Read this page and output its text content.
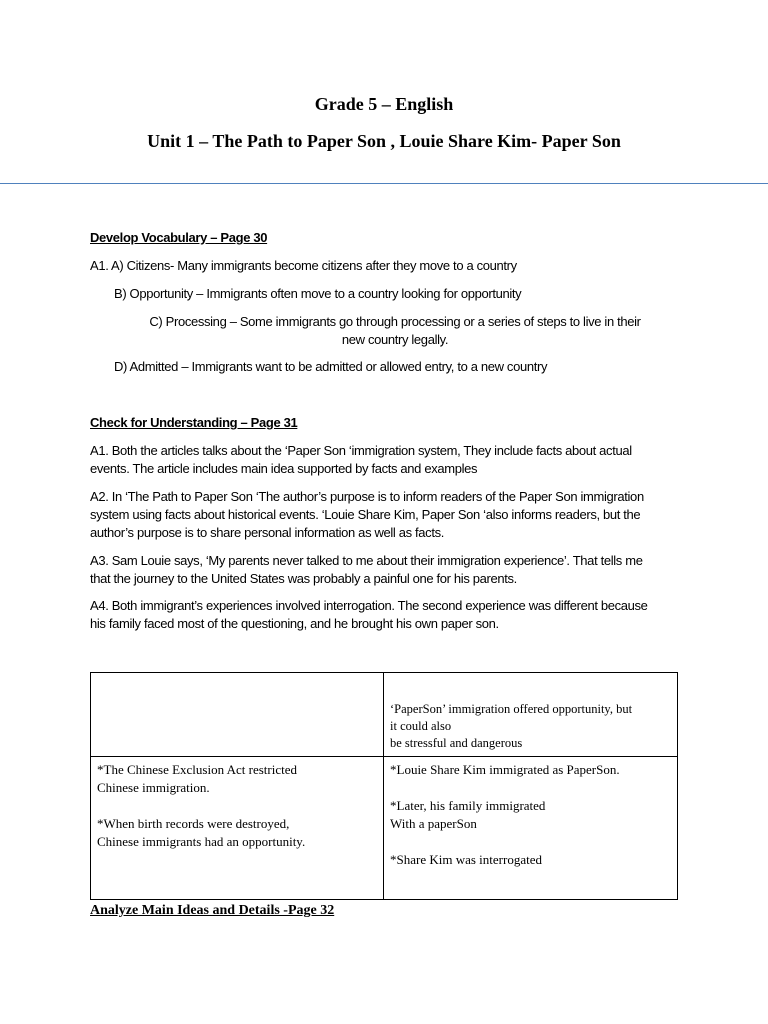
Grade 5 – English
Unit 1 – The Path to Paper Son , Louie Share Kim- Paper Son
Develop Vocabulary – Page 30
A1. A) Citizens- Many immigrants become citizens after they move to a country
B) Opportunity – Immigrants often move to a country looking for opportunity
C) Processing – Some immigrants go through processing or a series of steps to live in their
new country legally.
D) Admitted – Immigrants want to be admitted or allowed entry, to a new country
Check for Understanding – Page 31
A1. Both the articles talks about the ‘Paper Son ‘immigration system, They include facts about actual
events. The article includes main idea supported by facts and examples
A2. In ‘The Path to Paper Son ‘The author’s purpose is to inform readers of the Paper Son immigration
system using facts about historical events. ‘Louie Share Kim, Paper Son ‘also informs readers, but the
author’s purpose is to share personal information as well as facts.
A3. Sam Louie says, ‘My parents never talked to me about their immigration experience’. That tells me
that the journey to the United States was probably a painful one for his parents.
A4. Both immigrant’s experiences involved interrogation. The second experience was different because
his family faced most of the questioning, and he brought his own paper son.

	‘PaperSon’ immigration offered opportunity, but
it could also
be stressful and dangerous

*The Chinese Exclusion Act restricted
Chinese immigration.
*When birth records were destroyed,
Chinese immigrants had an opportunity.	*Louie Share Kim immigrated as PaperSon.
*Later, his family immigrated
With a paperSon
*Share Kim was interrogated
Analyze Main Ideas and Details -Page 32
